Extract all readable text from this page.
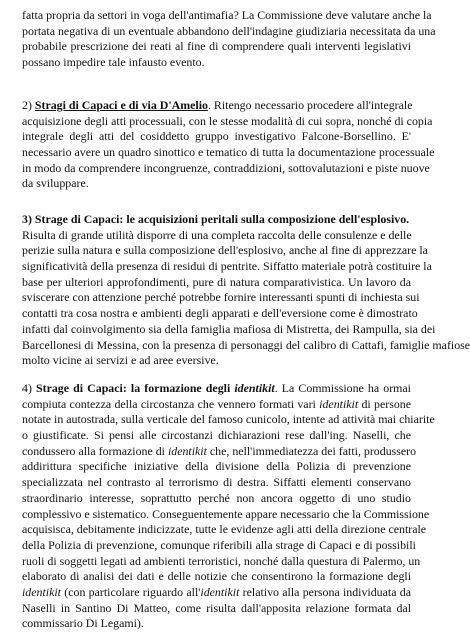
fatta propria da settori in voga dell'antimafia? La Commissione deve valutare anche la
portata negativa di un eventuale abbandono dell'indagine giudiziaria necessitata da una
probabile prescrizione dei reati al fine di comprendere quali interventi legislativi
possano impedire tale infausto evento.
2) Stragi di Capaci e di via D'Amelio. Ritengo necessario procedere all'integrale
acquisizione degli atti processuali, con le stesse modalità di cui sopra, nonché di copia
integrale degli atti del cosiddetto gruppo investigativo Falcone-Borsellino. E'
necessario avere un quadro sinottico e tematico di tutta la documentazione processuale
in modo da comprendere incongruenze, contraddizioni, sottovalutazioni e piste nuove
da sviluppare.
3) Strage di Capaci: le acquisizioni peritali sulla composizione dell'esplosivo.
Risulta di grande utilità disporre di una completa raccolta delle consulenze e delle
perizie sulla natura e sulla composizione dell'esplosivo, anche al fine di apprezzare la
significatività della presenza di residui di pentrite. Siffatto materiale potrà costituire la
base per ulteriori approfondimenti, pure di natura comparativistica. Un lavoro da
sviscerare con attenzione perché potrebbe fornire interessanti spunti di inchiesta sui
contatti tra cosa nostra e ambienti degli apparati e dell'eversione come è dimostrato
infatti dal coinvolgimento sia della famiglia mafiosa di Mistretta, dei Rampulla, sia dei
Barcellonesi di Messina, con la presenza di personaggi del calibro di Cattafi, famiglie mafiose
molto vicine ai servizi e ad aree eversive.
4) Strage di Capaci: la formazione degli identikit. La Commissione ha ormai
compiuta contezza della circostanza che vennero formati vari identikit di persone
notate in autostrada, sulla verticale del famoso cunicolo, intente ad attività mai chiarite
o giustificate. Si pensi alle circostanzi dichiarazioni rese dall'ing. Naselli, che
condussero alla formazione di identikit che, nell'immediatezza dei fatti, produssero
addirittura specifiche iniziative della divisione della Polizia di prevenzione
specializzata nel contrasto al terrorismo di destra. Siffatti elementi conservano
straordinario interesse, soprattutto perché non ancora oggetto di uno studio
complessivo e sistematico. Conseguentemente appare necessario che la Commissione
acquisisca, debitamente indicizzate, tutte le evidenze agli atti della direzione centrale
della Polizia di prevenzione, comunque riferibili alla strage di Capaci e di possibili
ruoli di soggetti legati ad ambienti terroristici, nonché dalla questura di Palermo, un
elaborato di analisi dei dati e delle notizie che consentirono la formazione degli
identikit (con particolare riguardo all'identikit relativo alla persona individuata da
Naselli in Santino Di Matteo, come risulta dall'apposita relazione formata dal
commissario Di Legami).
